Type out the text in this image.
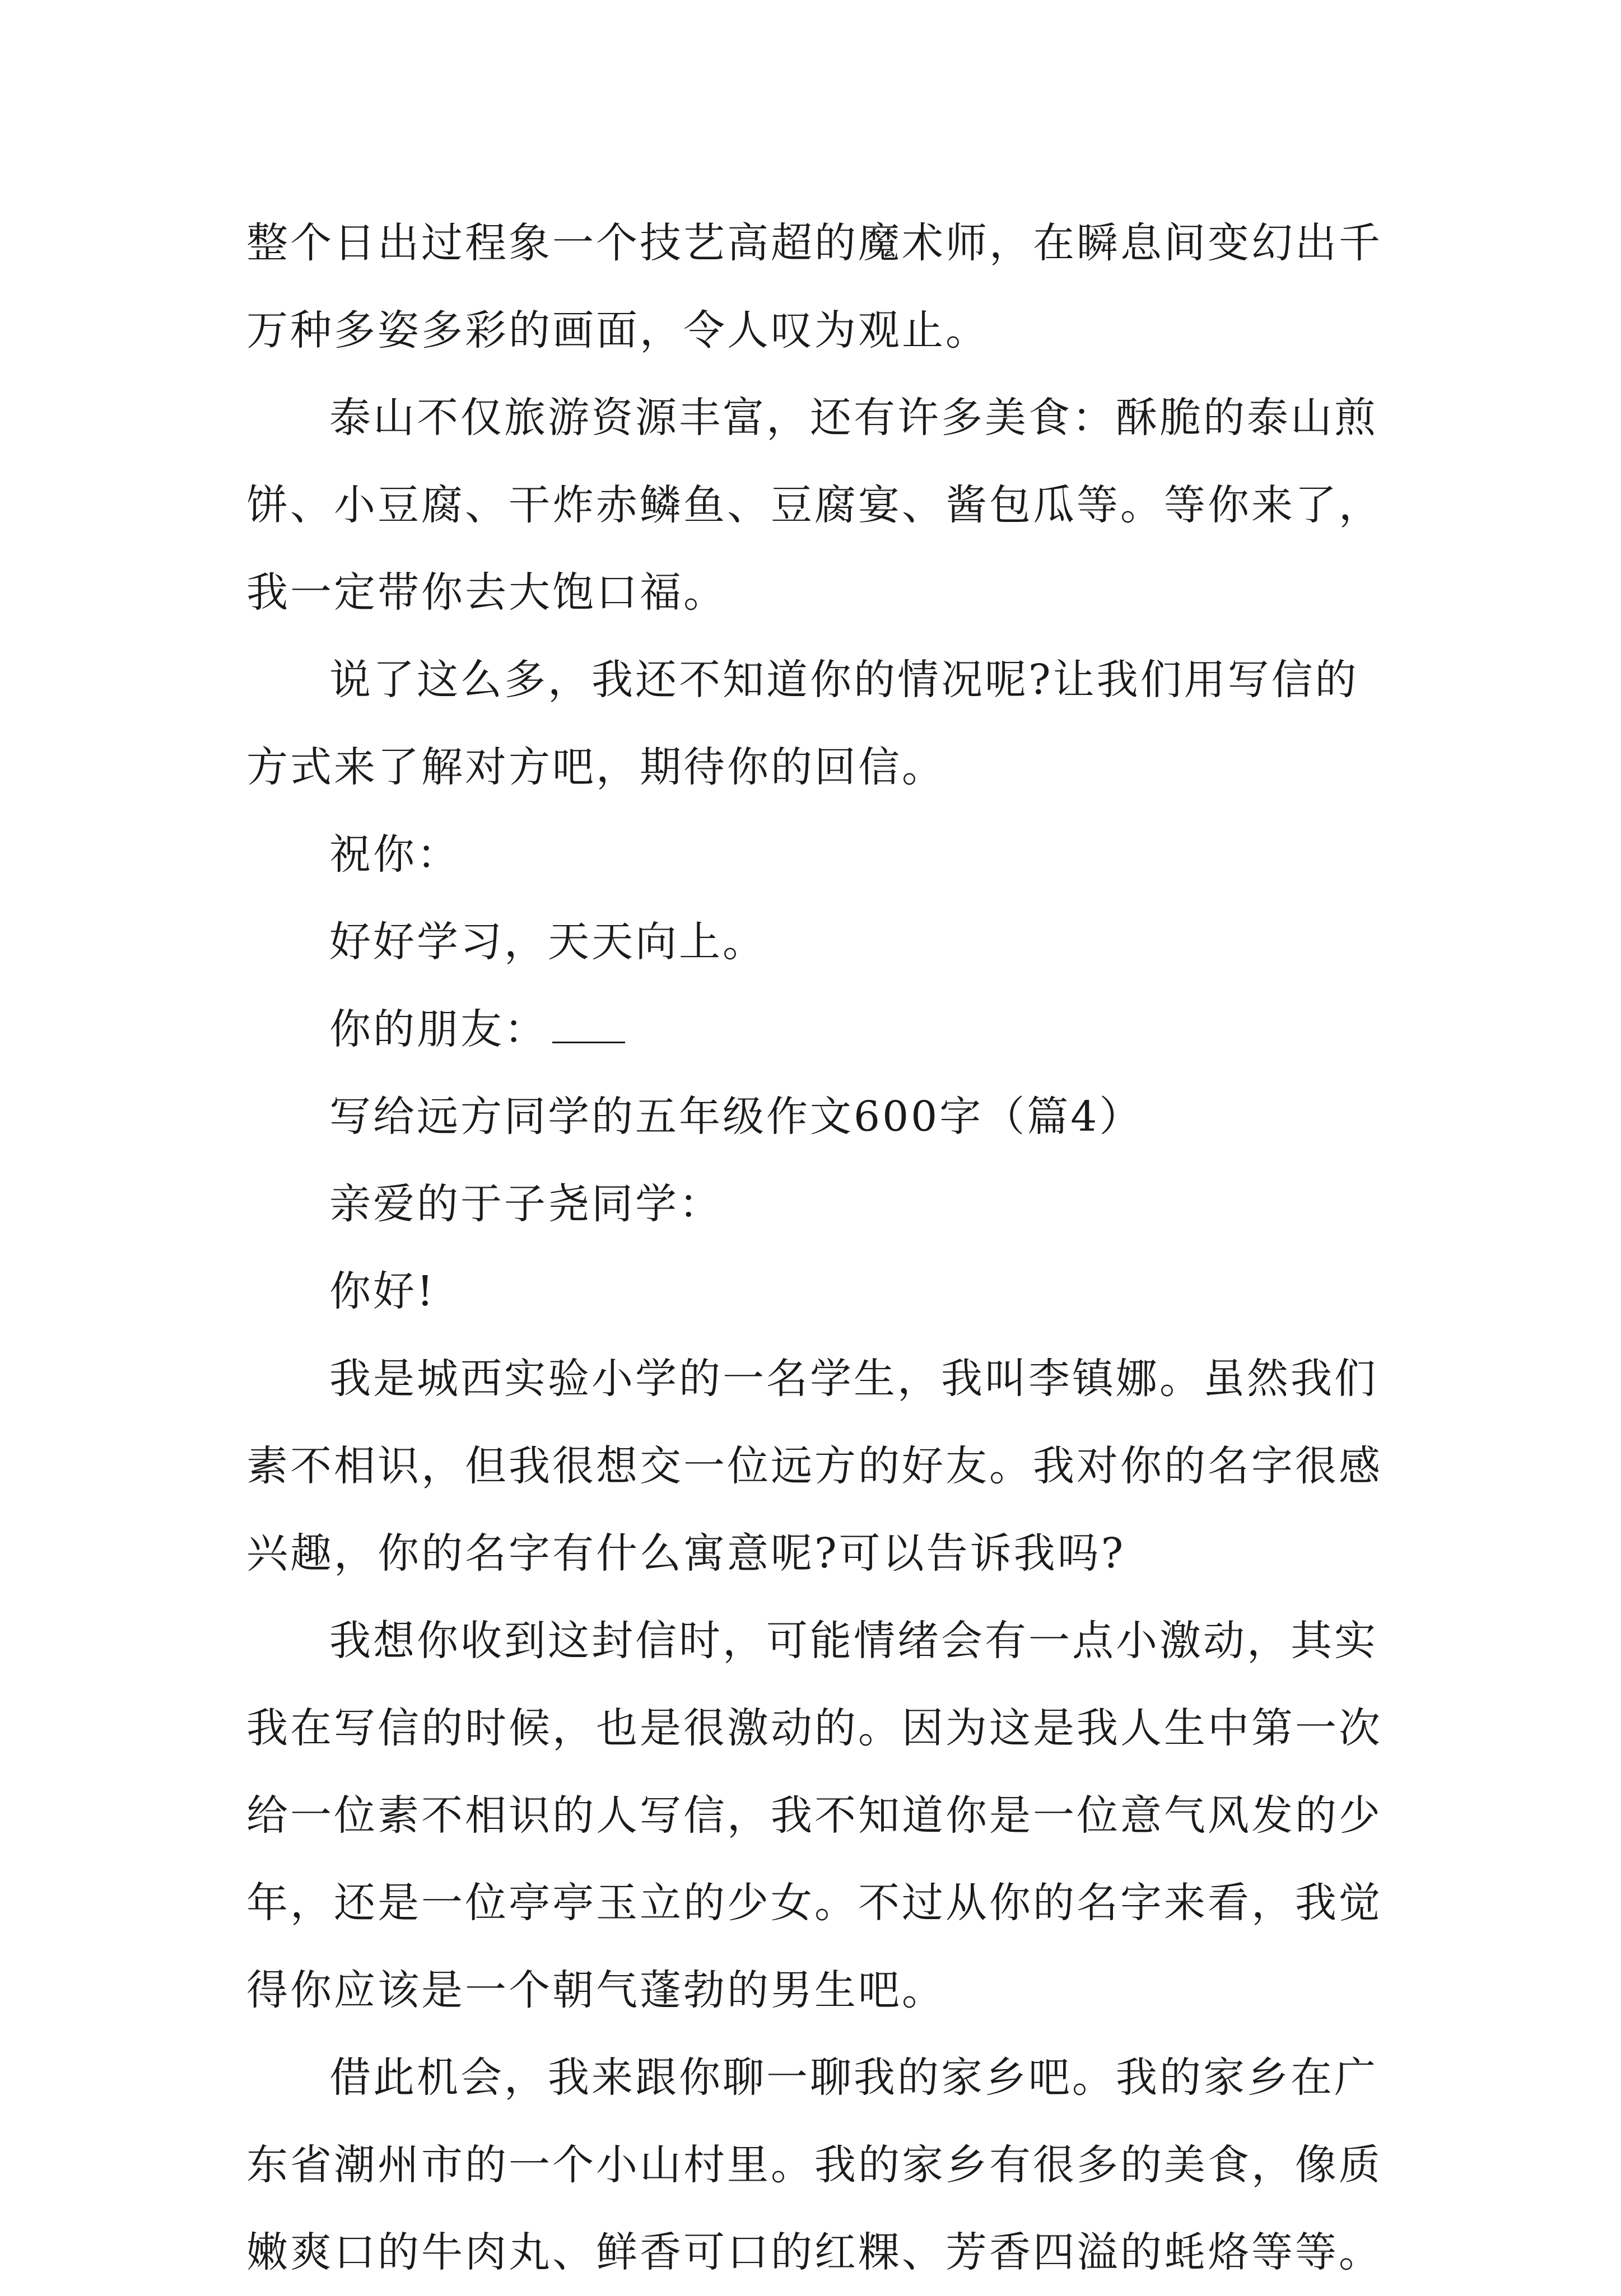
整个日出过程象一个技艺高超的魔术师，在瞬息间变幻出千万种多姿多彩的画面，令人叹为观止。

泰山不仅旅游资源丰富，还有许多美食：酥脆的泰山煎饼、小豆腐、干炸赤鳞鱼、豆腐宴、酱包瓜等。等你来了，我一定带你去大饱口福。

说了这么多，我还不知道你的情况呢?让我们用写信的方式来了解对方吧，期待你的回信。

祝你：

好好学习，天天向上。

你的朋友：

写给远方同学的五年级作文600字（篇4）

亲爱的于子尧同学：

你好!

我是城西实验小学的一名学生，我叫李镇娜。虽然我们素不相识，但我很想交一位远方的好友。我对你的名字很感兴趣，你的名字有什么寓意呢?可以告诉我吗?

我想你收到这封信时，可能情绪会有一点小激动，其实我在写信的时候，也是很激动的。因为这是我人生中第一次给一位素不相识的人写信，我不知道你是一位意气风发的少年，还是一位亭亭玉立的少女。不过从你的名字来看，我觉得你应该是一个朝气蓬勃的男生吧。

借此机会，我来跟你聊一聊我的家乡吧。我的家乡在广东省潮州市的一个小山村里。我的家乡有很多的美食，像质嫩爽口的牛肉丸、鲜香可口的红粿、芳香四溢的蚝烙等等。
